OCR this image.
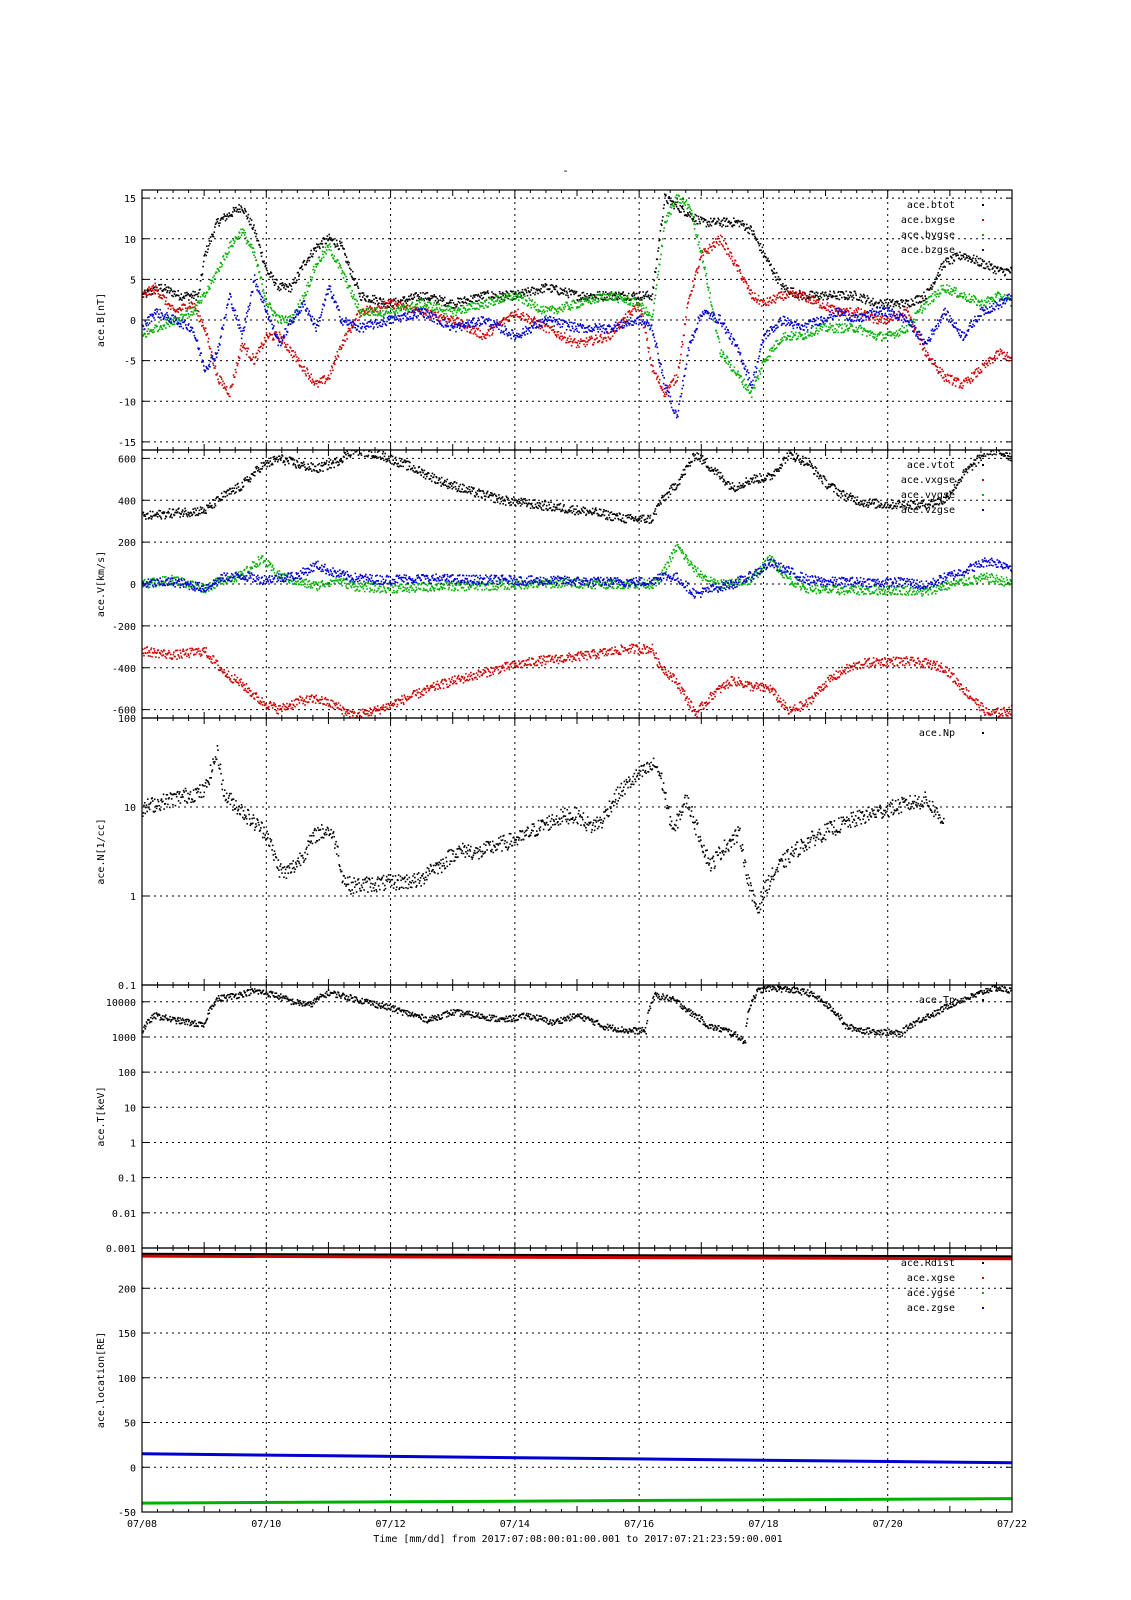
-
-15
-10
-5
0
5
10
15
ace.B[nT]
ace.btot
ace.bxgse
ace.bygse
ace.bzgse
-600
-400
-200
0
200
400
600
ace.V[km/s]
ace.vtot
ace.vxgse
ace.vygse
ace.vzgse
0.1
1
10
100
ace.N[1/cc]
ace.Np
0.001
0.01
0.1
1
10
100
1000
10000
ace.T[keV]
ace.Tp
-50
0
50
100
150
200
ace.location[RE]
ace.Rdist
ace.xgse
ace.ygse
ace.zgse
07/08	07/10	07/12	07/14	07/16	07/18	07/20	07/22
Time [mm/dd] from 2017:07:08:00:01:00.001 to 2017:07:21:23:59:00.001
